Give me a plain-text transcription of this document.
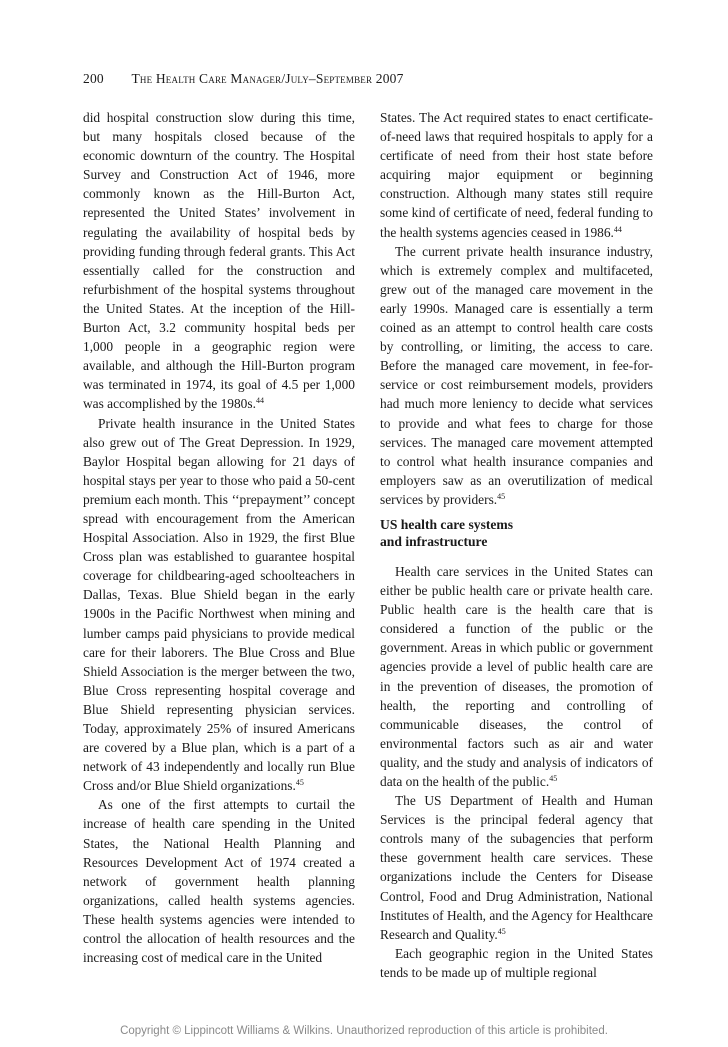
200 The Health Care Manager/July–September 2007

did hospital construction slow during this time, but many hospitals closed because of the economic downturn of the country. The Hospital Survey and Construction Act of 1946, more commonly known as the Hill-Burton Act, represented the United States’ involvement in regulating the availability of hospital beds by providing funding through federal grants. This Act essentially called for the construction and refurbishment of the hospital systems throughout the United States. At the inception of the Hill-Burton Act, 3.2 community hospital beds per 1,000 people in a geographic region were available, and although the Hill-Burton program was terminated in 1974, its goal of 4.5 per 1,000 was accomplished by the 1980s.$^{44}$

Private health insurance in the United States also grew out of The Great Depression. In 1929, Baylor Hospital began allowing for 21 days of hospital stays per year to those who paid a 50-cent premium each month. This ‘‘prepayment’’ concept spread with encouragement from the American Hospital Association. Also in 1929, the first Blue Cross plan was established to guarantee hospital coverage for childbearing-aged schoolteachers in Dallas, Texas. Blue Shield began in the early 1900s in the Pacific Northwest when mining and lumber camps paid physicians to provide medical care for their laborers. The Blue Cross and Blue Shield Association is the merger between the two, Blue Cross representing hospital coverage and Blue Shield representing physician services. Today, approximately 25% of insured Americans are covered by a Blue plan, which is a part of a network of 43 independently and locally run Blue Cross and/or Blue Shield organizations.$^{45}$

As one of the first attempts to curtail the increase of health care spending in the United States, the National Health Planning and Resources Development Act of 1974 created a network of government health planning organizations, called health systems agencies. These health systems agencies were intended to control the allocation of health resources and the increasing cost of medical care in the United

States. The Act required states to enact certificate-of-need laws that required hospitals to apply for a certificate of need from their host state before acquiring major equipment or beginning construction. Although many states still require some kind of certificate of need, federal funding to the health systems agencies ceased in 1986.44

The current private health insurance industry, which is extremely complex and multifaceted, grew out of the managed care movement in the early 1990s. Managed care is essentially a term coined as an attempt to control health care costs by controlling, or limiting, the access to care. Before the managed care movement, in fee-for-service or cost reimbursement models, providers had much more leniency to decide what services to provide and what fees to charge for those services. The managed care movement attempted to control what health insurance companies and employers saw as an overutilization of medical services by providers.$^{45}$

US health care systems
and infrastructure

Health care services in the United States can either be public health care or private health care. Public health care is the health care that is considered a function of the public or the government. Areas in which public or government agencies provide a level of public health care are in the prevention of diseases, the promotion of health, the reporting and controlling of communicable diseases, the control of environmental factors such as air and water quality, and the study and analysis of indicators of data on the health of the public.$^{45}$

The US Department of Health and Human Services is the principal federal agency that controls many of the subagencies that perform these government health care services. These organizations include the Centers for Disease Control, Food and Drug Administration, National Institutes of Health, and the Agency for Healthcare Research and Quality.$^{45}$

Each geographic region in the United States tends to be made up of multiple regional

Copyright © Lippincott Williams & Wilkins. Unauthorized reproduction of this article is prohibited.
